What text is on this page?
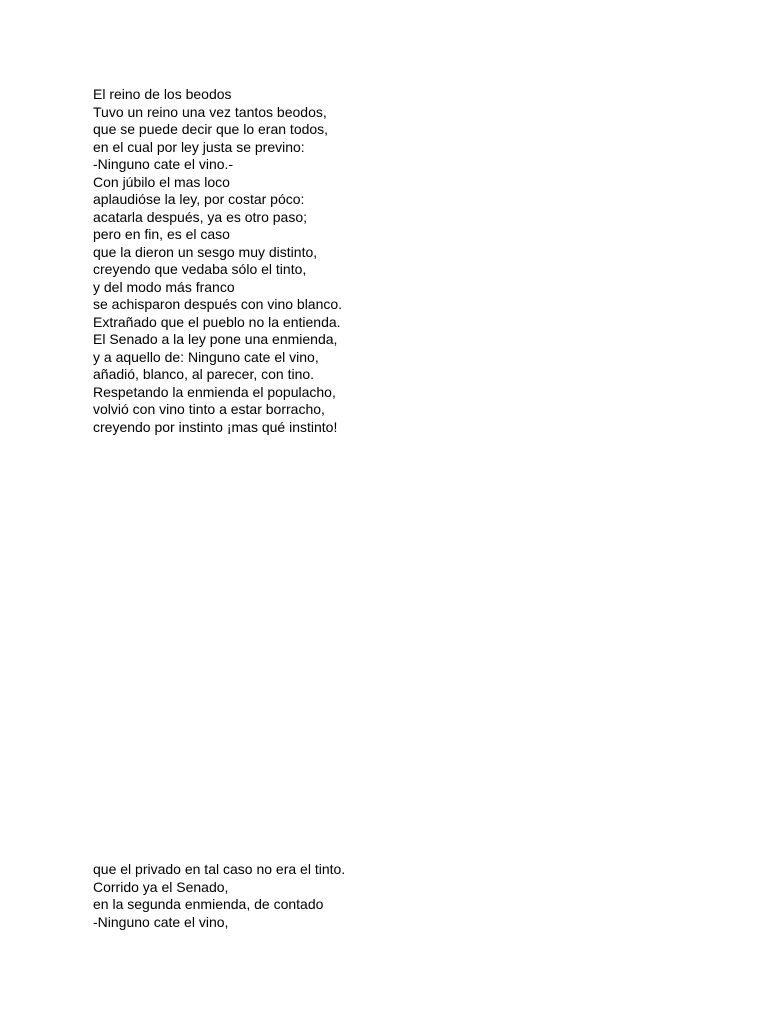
El reino de los beodos
Tuvo un reino una vez tantos beodos,
que se puede decir que lo eran todos,
en el cual por ley justa se previno:
-Ninguno cate el vino.-
Con júbilo el mas loco
aplaudióse la ley, por costar póco:
acatarla después, ya es otro paso;
pero en fin, es el caso
que la dieron un sesgo muy distinto,
creyendo que vedaba sólo el tinto,
y del modo más franco
se achisparon después con vino blanco.
Extrañado que el pueblo no la entienda.
El Senado a la ley pone una enmienda,
y a aquello de: Ninguno cate el vino,
añadió, blanco, al parecer, con tino.
Respetando la enmienda el populacho,
volvió con vino tinto a estar borracho,
creyendo por instinto ¡mas qué instinto!
que el privado en tal caso no era el tinto.
Corrido ya el Senado,
en la segunda enmienda, de contado
-Ninguno cate el vino,
